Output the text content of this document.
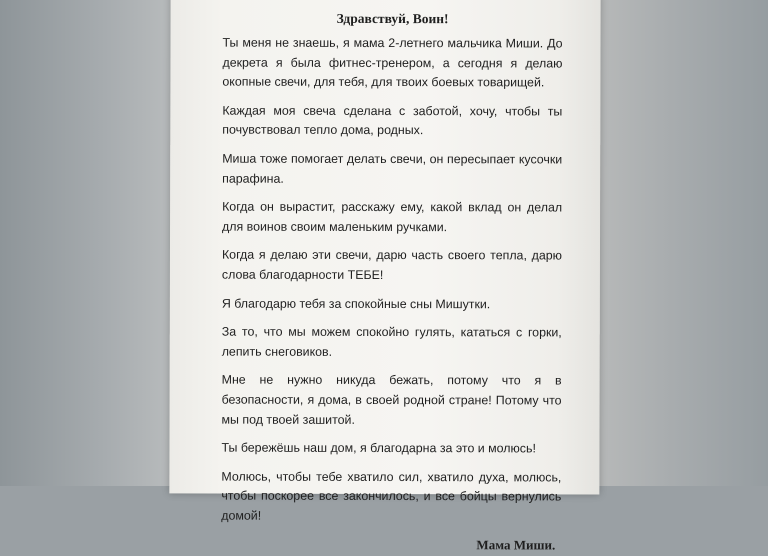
Здравствуй, Воин!

Ты меня не знаешь, я мама 2-летнего мальчика Миши. До декрета я была фитнес-тренером, а сегодня я делаю окопные свечи, для тебя, для твоих боевых товарищей.

Каждая моя свеча сделана с заботой, хочу, чтобы ты почувствовал тепло дома, родных.

Миша тоже помогает делать свечи, он пересыпает кусочки парафина.

Когда он вырастит, расскажу ему, какой вклад он делал для воинов своим маленьким ручками.

Когда я делаю эти свечи, дарю часть своего тепла, дарю слова благодарности ТЕБЕ!

Я благодарю тебя за спокойные сны Мишутки.

За то, что мы можем спокойно гулять, кататься с горки, лепить снеговиков.

Мне не нужно никуда бежать, потому что я в безопасности, я дома, в своей родной стране! Потому что мы под твоей зашитой.

Ты бережёшь наш дом, я благодарна за это и молюсь!

Молюсь, чтобы тебе хватило сил, хватило духа, молюсь, чтобы поскорее все закончилось, и все бойцы вернулись домой!

Мама Миши.
